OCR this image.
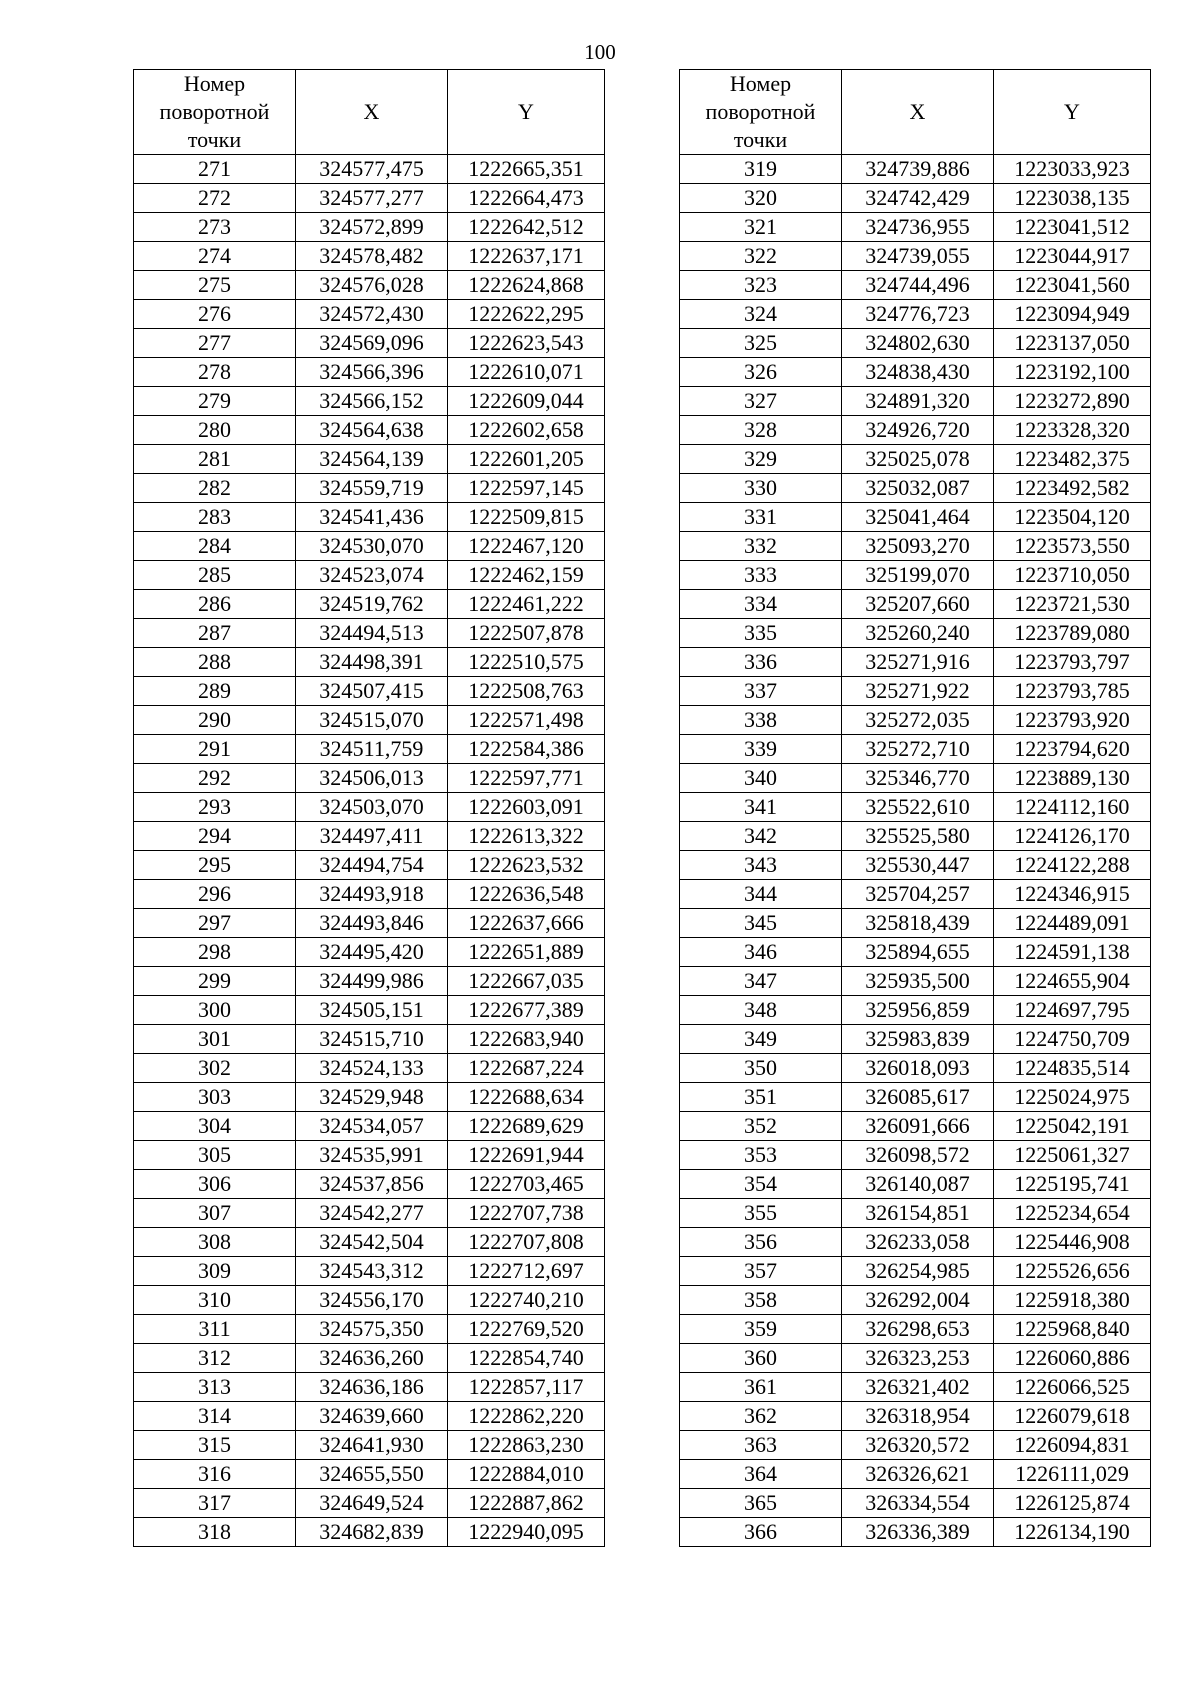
100
Номер
поворотной
точки	X	Y
271	324577,475	1222665,351
272	324577,277	1222664,473
273	324572,899	1222642,512
274	324578,482	1222637,171
275	324576,028	1222624,868
276	324572,430	1222622,295
277	324569,096	1222623,543
278	324566,396	1222610,071
279	324566,152	1222609,044
280	324564,638	1222602,658
281	324564,139	1222601,205
282	324559,719	1222597,145
283	324541,436	1222509,815
284	324530,070	1222467,120
285	324523,074	1222462,159
286	324519,762	1222461,222
287	324494,513	1222507,878
288	324498,391	1222510,575
289	324507,415	1222508,763
290	324515,070	1222571,498
291	324511,759	1222584,386
292	324506,013	1222597,771
293	324503,070	1222603,091
294	324497,411	1222613,322
295	324494,754	1222623,532
296	324493,918	1222636,548
297	324493,846	1222637,666
298	324495,420	1222651,889
299	324499,986	1222667,035
300	324505,151	1222677,389
301	324515,710	1222683,940
302	324524,133	1222687,224
303	324529,948	1222688,634
304	324534,057	1222689,629
305	324535,991	1222691,944
306	324537,856	1222703,465
307	324542,277	1222707,738
308	324542,504	1222707,808
309	324543,312	1222712,697
310	324556,170	1222740,210
311	324575,350	1222769,520
312	324636,260	1222854,740
313	324636,186	1222857,117
314	324639,660	1222862,220
315	324641,930	1222863,230
316	324655,550	1222884,010
317	324649,524	1222887,862
318	324682,839	1222940,095
Номер
поворотной
точки	X	Y
319	324739,886	1223033,923
320	324742,429	1223038,135
321	324736,955	1223041,512
322	324739,055	1223044,917
323	324744,496	1223041,560
324	324776,723	1223094,949
325	324802,630	1223137,050
326	324838,430	1223192,100
327	324891,320	1223272,890
328	324926,720	1223328,320
329	325025,078	1223482,375
330	325032,087	1223492,582
331	325041,464	1223504,120
332	325093,270	1223573,550
333	325199,070	1223710,050
334	325207,660	1223721,530
335	325260,240	1223789,080
336	325271,916	1223793,797
337	325271,922	1223793,785
338	325272,035	1223793,920
339	325272,710	1223794,620
340	325346,770	1223889,130
341	325522,610	1224112,160
342	325525,580	1224126,170
343	325530,447	1224122,288
344	325704,257	1224346,915
345	325818,439	1224489,091
346	325894,655	1224591,138
347	325935,500	1224655,904
348	325956,859	1224697,795
349	325983,839	1224750,709
350	326018,093	1224835,514
351	326085,617	1225024,975
352	326091,666	1225042,191
353	326098,572	1225061,327
354	326140,087	1225195,741
355	326154,851	1225234,654
356	326233,058	1225446,908
357	326254,985	1225526,656
358	326292,004	1225918,380
359	326298,653	1225968,840
360	326323,253	1226060,886
361	326321,402	1226066,525
362	326318,954	1226079,618
363	326320,572	1226094,831
364	326326,621	1226111,029
365	326334,554	1226125,874
366	326336,389	1226134,190
